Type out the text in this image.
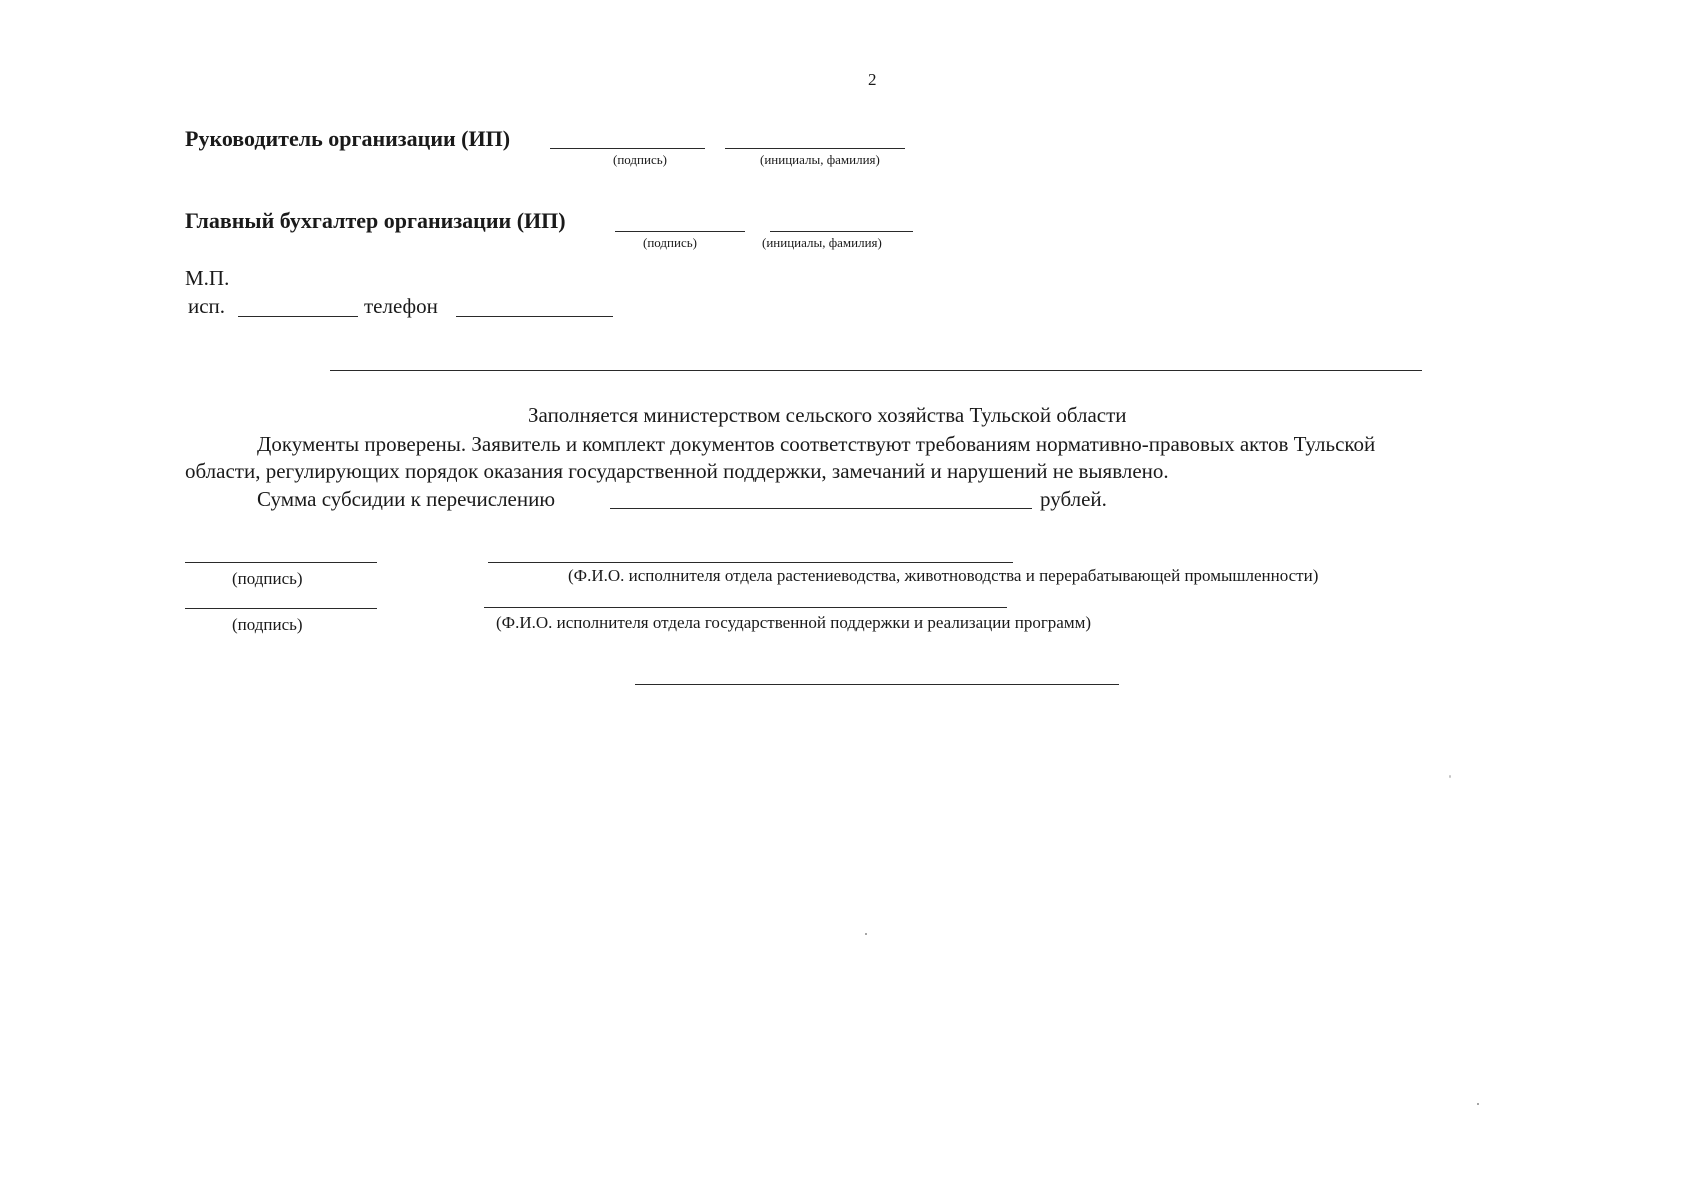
2
Руководитель организации (ИП)
(подпись)	(инициалы, фамилия)
Главный бухгалтер организации (ИП)
(подпись)	(инициалы, фамилия)
М.П.
исп.	телефон
Заполняется министерством сельского хозяйства Тульской области
Документы проверены. Заявитель и комплект документов соответствуют требованиям нормативно-правовых актов Тульской
области, регулирующих порядок оказания государственной поддержки, замечаний и нарушений не выявлено.
Сумма субсидии к перечислению	рублей.
(подпись)	(Ф.И.О. исполнителя отдела растениеводства, животноводства и перерабатывающей промышленности)
(подпись)	(Ф.И.О. исполнителя отдела государственной поддержки и реализации программ)
